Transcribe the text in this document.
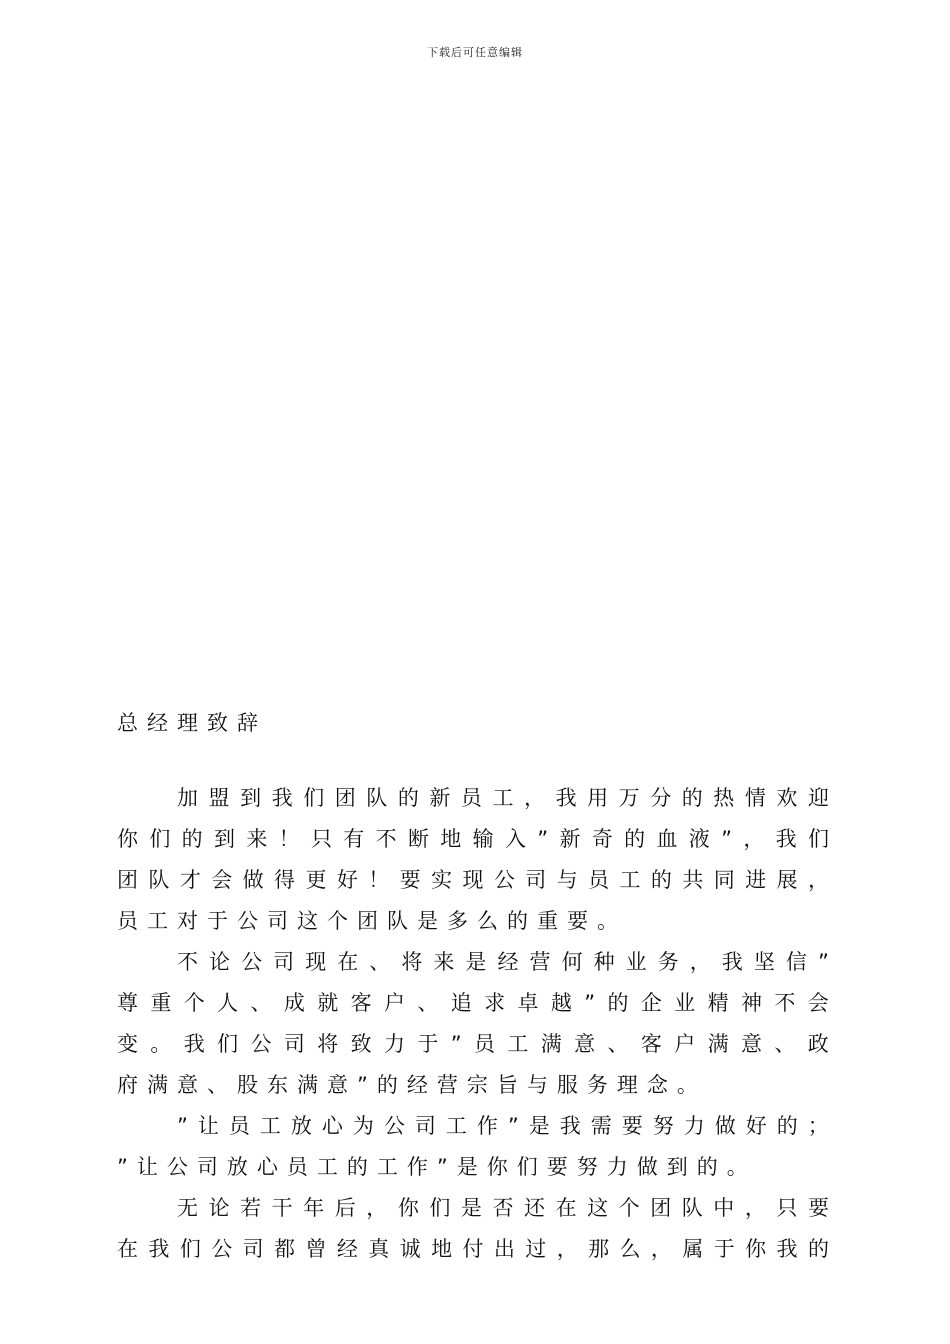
下载后可任意编辑
总经理致辞
加 盟 到 我 们 团 队 的 新 员 工 ， 我 用 万 分 的 热 情 欢 迎
你 们 的 到 来 ！ 只 有 不 断 地 输 入 ” 新 奇 的 血 液 ” ， 我 们
团 队 才 会 做 得 更 好 ！ 要 实 现 公 司 与 员 工 的 共 同 进 展 ，
员工对于公司这个团队是多么的重要。
不 论 公 司 现 在 、 将 来 是 经 营 何 种 业 务 ， 我 坚 信 ”
尊 重 个 人 、 成 就 客 户 、 追 求 卓 越 ” 的 企 业 精 神 不 会
变 。 我 们 公 司 将 致 力 于 ” 员 工 满 意 、 客 户 满 意 、 政
府满意、股东满意”的经营宗旨与服务理念。
” 让 员 工 放 心 为 公 司 工 作 ” 是 我 需 要 努 力 做 好 的 ；
”让公司放心员工的工作”是你们要努力做到的。
无 论 若 干 年 后 ， 你 们 是 否 还 在 这 个 团 队 中 ， 只 要
在 我 们 公 司 都 曾 经 真 诚 地 付 出 过 ， 那 么 ， 属 于 你 我 的
